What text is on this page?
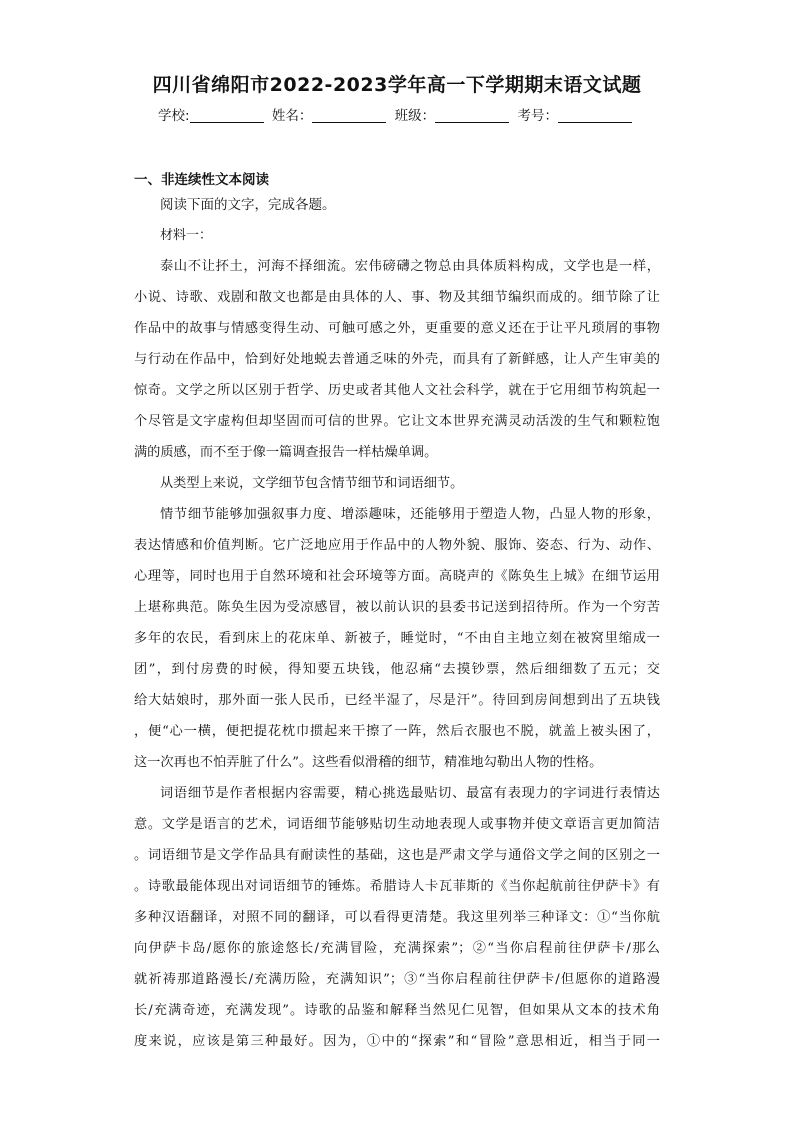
四川省绵阳市2022-2023学年高一下学期期末语文试题
学校:	姓名：	班级：	考号：
一、非连续性文本阅读
阅读下面的文字，完成各题。
材料一：
泰山不让抔土，河海不择细流。宏伟磅礴之物总由具体质料构成，文学也是一样，
小说、诗歌、戏剧和散文也都是由具体的人、事、物及其细节编织而成的。细节除了让
作品中的故事与情感变得生动、可触可感之外，更重要的意义还在于让平凡琐屑的事物
与行动在作品中，恰到好处地蜕去普通乏味的外壳，而具有了新鲜感，让人产生审美的
惊奇。文学之所以区别于哲学、历史或者其他人文社会科学，就在于它用细节构筑起一
个尽管是文字虚构但却坚固而可信的世界。它让文本世界充满灵动活泼的生气和颗粒饱
满的质感，而不至于像一篇调查报告一样枯燥单调。
从类型上来说，文学细节包含情节细节和词语细节。
情节细节能够加强叙事力度、增添趣味，还能够用于塑造人物，凸显人物的形象，
表达情感和价值判断。它广泛地应用于作品中的人物外貌、服饰、姿态、行为、动作、
心理等，同时也用于自然环境和社会环境等方面。高晓声的《陈奂生上城》在细节运用
上堪称典范。陈奂生因为受凉感冒，被以前认识的县委书记送到招待所。作为一个穷苦
多年的农民，看到床上的花床单、新被子，睡觉时，“不由自主地立刻在被窝里缩成一
团”，到付房费的时候，得知要五块钱，他忍痛“去摸钞票，然后细细数了五元；交
给大姑娘时，那外面一张人民币，已经半湿了，尽是汗”。待回到房间想到出了五块钱
，便“心一横，便把提花枕巾掼起来干擦了一阵，然后衣服也不脱，就盖上被头困了，
这一次再也不怕弄脏了什么”。这些看似滑稽的细节，精准地勾勒出人物的性格。
词语细节是作者根据内容需要，精心挑选最贴切、最富有表现力的字词进行表情达
意。文学是语言的艺术，词语细节能够贴切生动地表现人或事物并使文章语言更加简洁
。词语细节是文学作品具有耐读性的基础，这也是严肃文学与通俗文学之间的区别之一
。诗歌最能体现出对词语细节的锤炼。希腊诗人卡瓦菲斯的《当你起航前往伊萨卡》有
多种汉语翻译，对照不同的翻译，可以看得更清楚。我这里列举三种译文：①“当你航
向伊萨卡岛/愿你的旅途悠长/充满冒险，充满探索”；②“当你启程前往伊萨卡/那么
就祈祷那道路漫长/充满历险，充满知识”；③“当你启程前往伊萨卡/但愿你的道路漫
长/充满奇迹，充满发现”。诗歌的品鉴和解释当然见仁见智，但如果从文本的技术角
度来说，应该是第三种最好。因为，①中的“探索”和“冒险”意思相近，相当于同一
